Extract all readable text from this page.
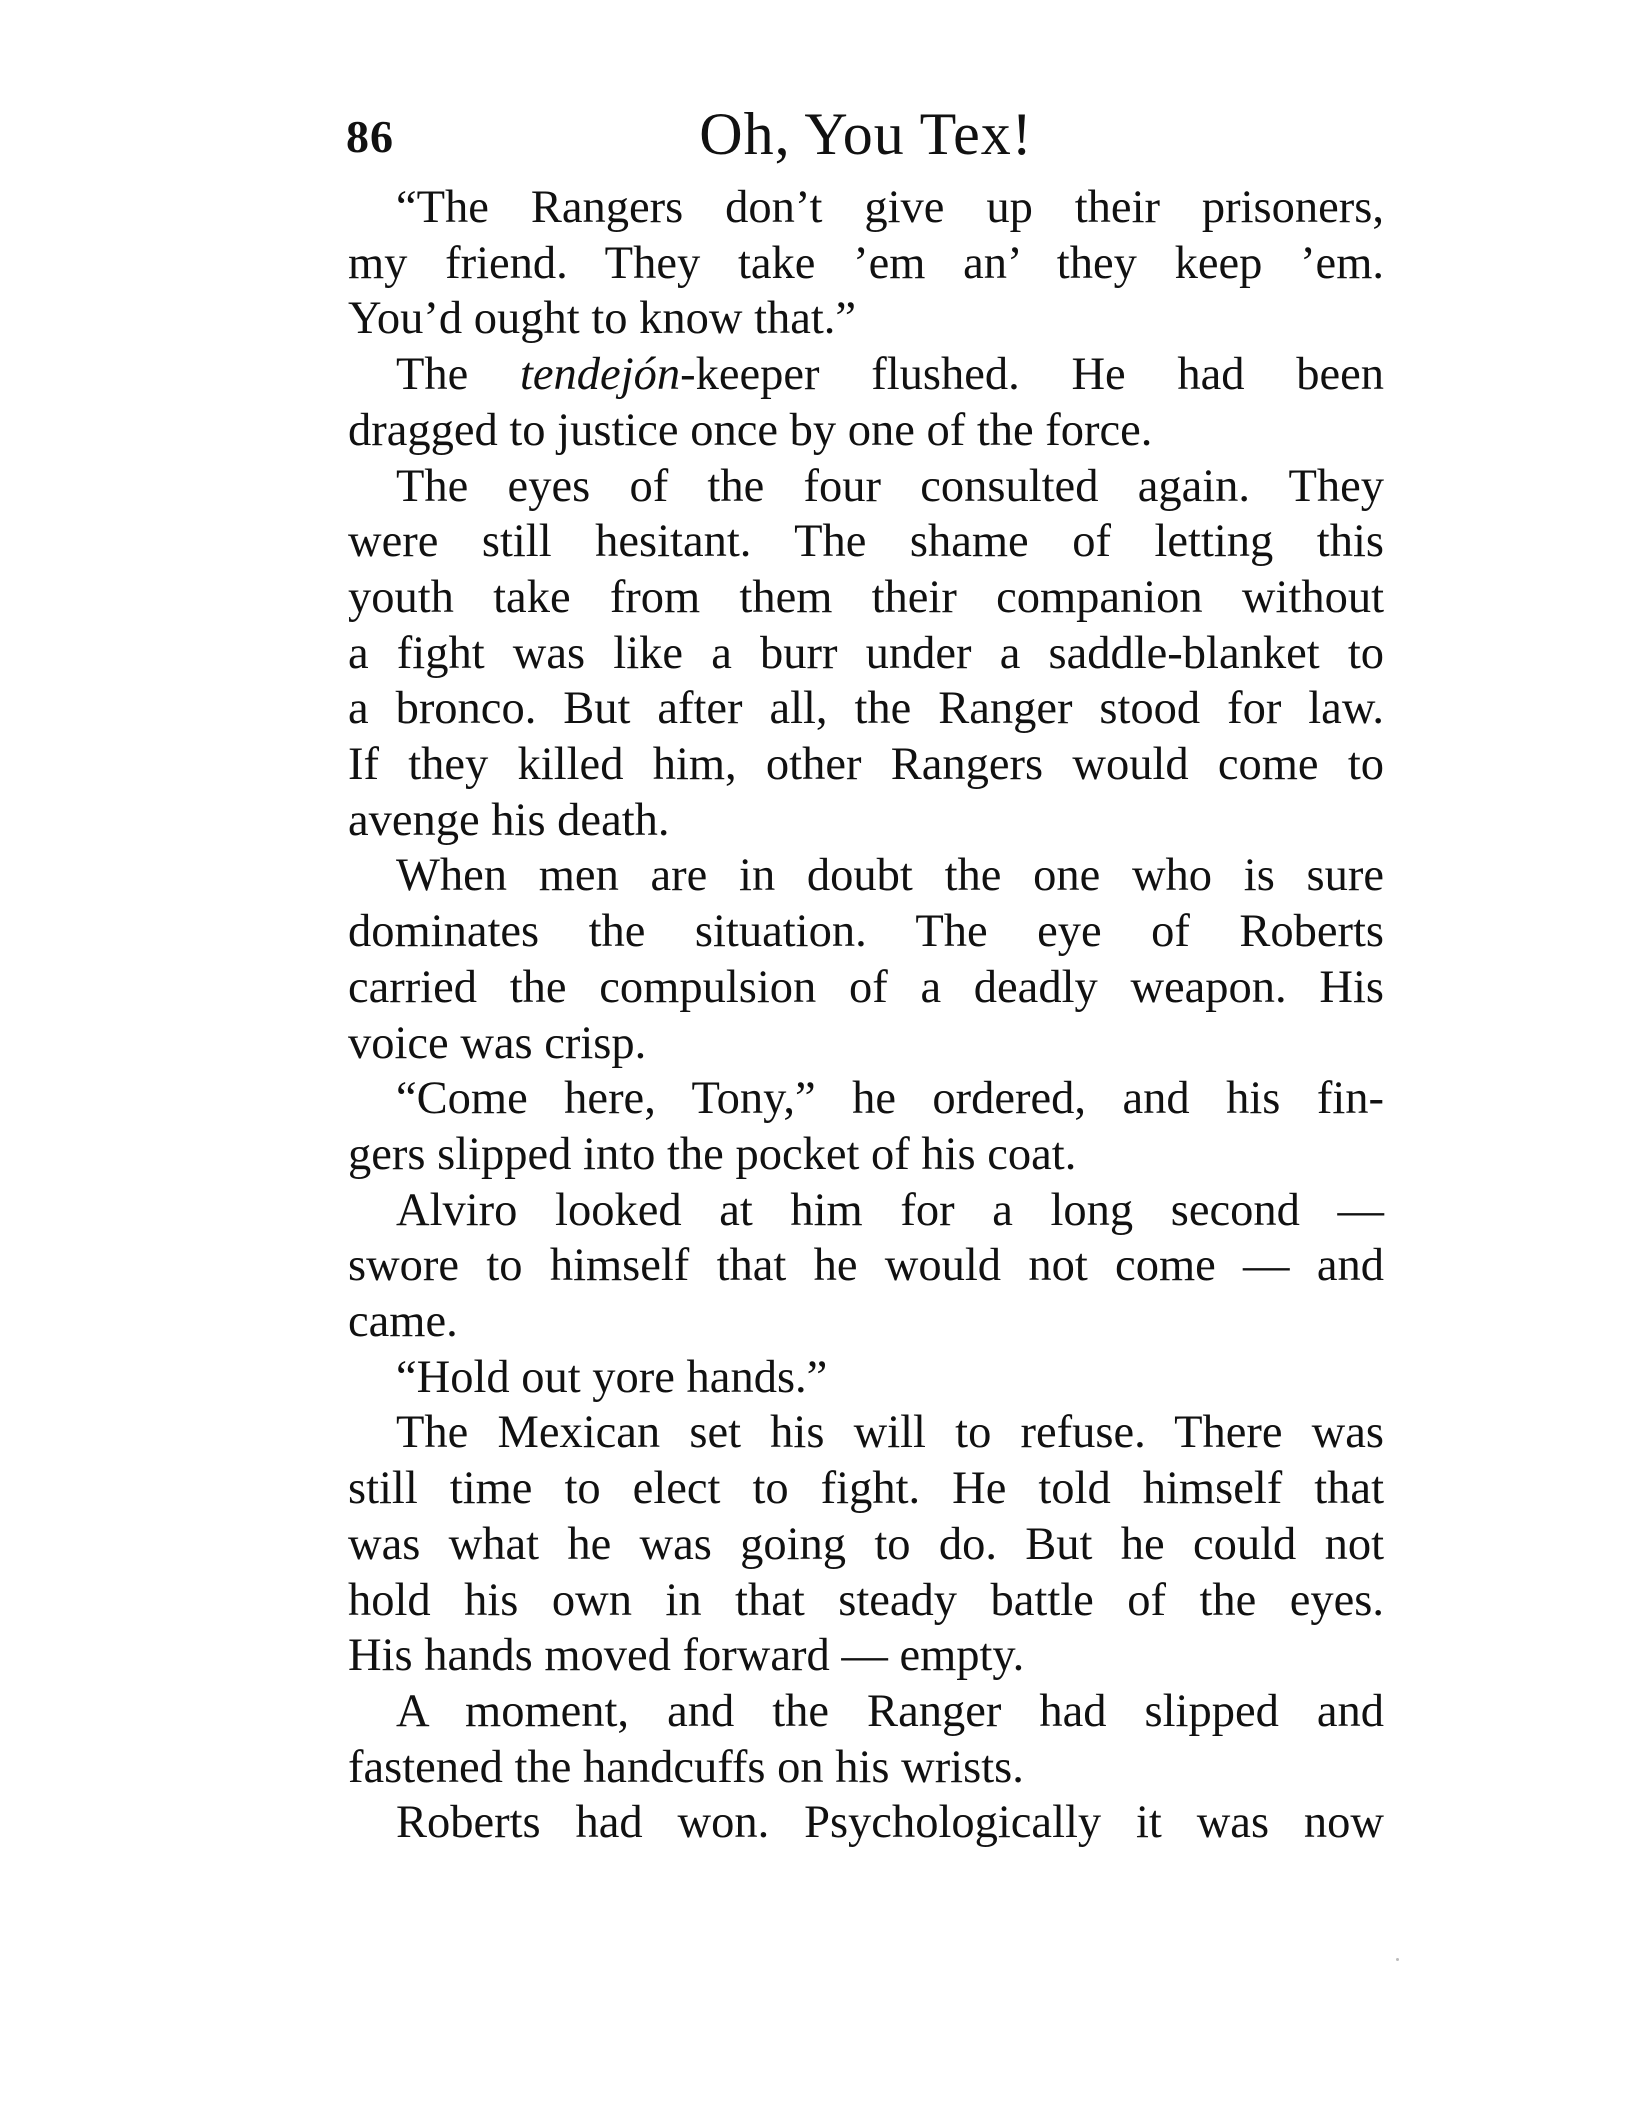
86	Oh, You Tex!
“The Rangers don’t give up their prisoners,
my friend. They take ’em an’ they keep ’em.
You’d ought to know that.”
The tendejón-keeper flushed. He had been
dragged to justice once by one of the force.
The eyes of the four consulted again. They
were still hesitant. The shame of letting this
youth take from them their companion without
a fight was like a burr under a saddle-blanket to
a bronco. But after all, the Ranger stood for law.
If they killed him, other Rangers would come to
avenge his death.
When men are in doubt the one who is sure
dominates the situation. The eye of Roberts
carried the compulsion of a deadly weapon. His
voice was crisp.
“Come here, Tony,” he ordered, and his fin-
gers slipped into the pocket of his coat.
Alviro looked at him for a long second —
swore to himself that he would not come — and
came.
“Hold out yore hands.”
The Mexican set his will to refuse. There was
still time to elect to fight. He told himself that
was what he was going to do. But he could not
hold his own in that steady battle of the eyes.
His hands moved forward — empty.
A moment, and the Ranger had slipped and
fastened the handcuffs on his wrists.
Roberts had won. Psychologically it was now
